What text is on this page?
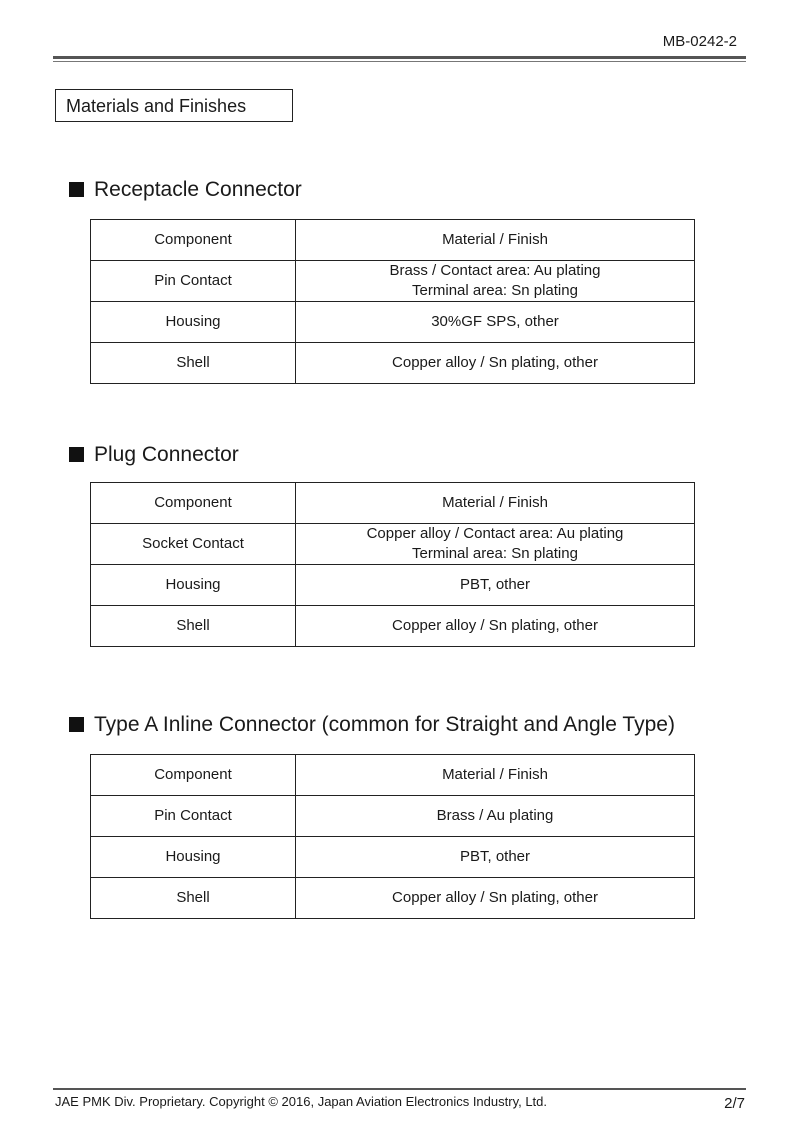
MB-0242-2
Materials and Finishes
Receptacle Connector
Component	Material / Finish
Pin Contact	Brass / Contact area: Au plating
Terminal area: Sn plating

Housing	30%GF SPS, other
Shell	Copper alloy / Sn plating, other
Plug Connector
Component	Material / Finish
Socket Contact	Copper alloy / Contact area: Au plating
Terminal area: Sn plating

Housing	PBT, other
Shell	Copper alloy / Sn plating, other
Type A Inline Connector (common for Straight and Angle Type)
Component	Material / Finish
Pin Contact	Brass / Au plating
Housing	PBT, other
Shell	Copper alloy / Sn plating, other
JAE PMK Div. Proprietary. Copyright © 2016, Japan Aviation Electronics Industry, Ltd.	2/7
